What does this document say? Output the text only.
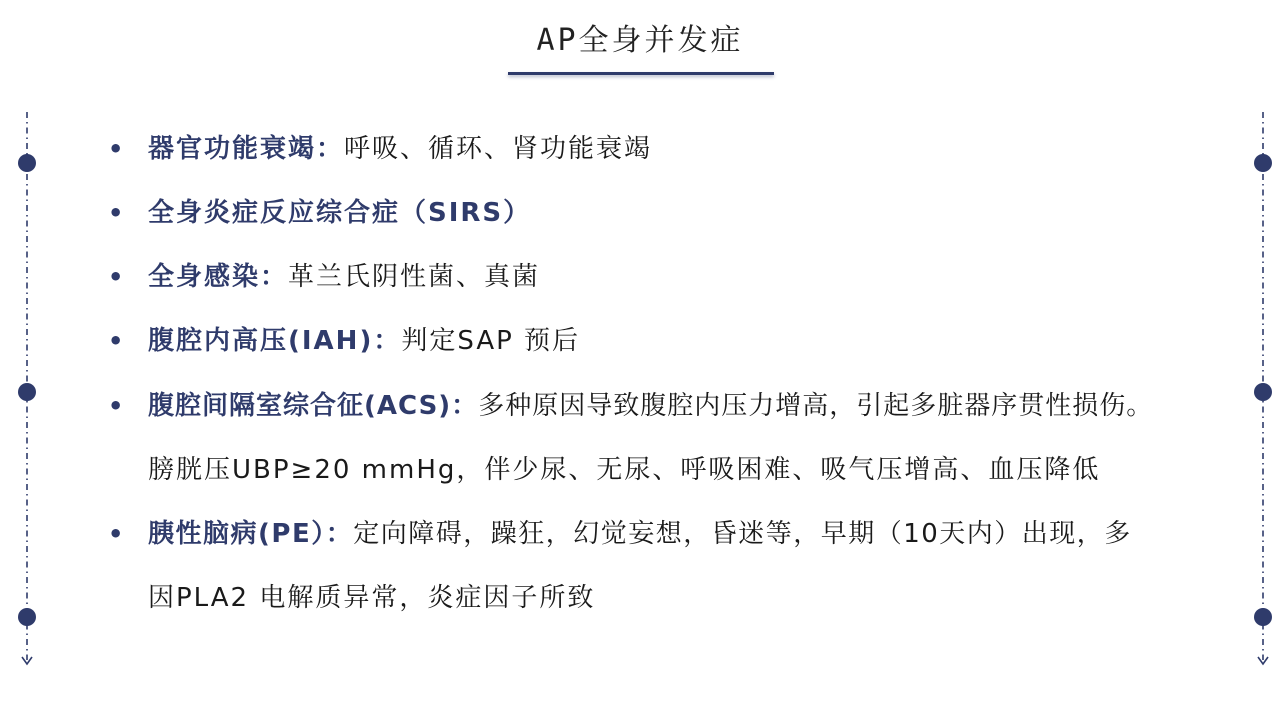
AP全身并发症
• 器官功能衰竭：呼吸、循环、肾功能衰竭
• 全身炎症反应综合症（SIRS）
• 全身感染：革兰氏阴性菌、真菌
• 腹腔内高压(IAH)：判定SAP 预后
• 腹腔间隔室综合征(ACS)：多种原因导致腹腔内压力增高，引起多脏器序贯性损伤。
膀胱压UBP≥20 mmHg，伴少尿、无尿、呼吸困难、吸气压增高、血压降低
• 胰性脑病(PE）：定向障碍，躁狂，幻觉妄想，昏迷等，早期（10天内）出现，多
因PLA2 电解质异常，炎症因子所致
